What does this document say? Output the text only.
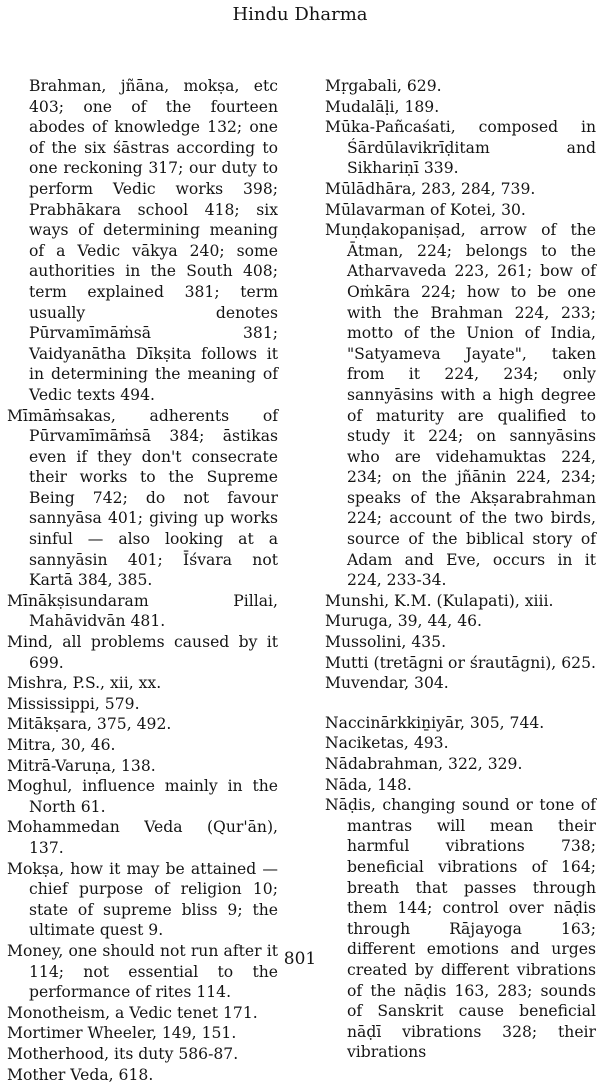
Hindu Dharma

Brahman, jñāna, mokṣa, etc 403; one of the fourteen abodes of knowledge 132; one of the six śāstras according to one reckoning 317; our duty to perform Vedic works 398; Prabhākara school 418; six ways of determining meaning of a Vedic vākya 240; some authorities in the South 408; term explained 381; term usually denotes Pūrvamīmāṁsā 381; Vaidyanātha Dīkṣita follows it in determining the meaning of Vedic texts 494.

Mīmāṁsakas, adherents of Pūrvamīmāṁsā 384; āstikas even if they don't consecrate their works to the Supreme Being 742; do not favour sannyāsa 401; giving up works sinful — also looking at a sannyāsin 401; Īśvara not Kartā 384, 385.

Mīnākṣisundaram Pillai, Mahāvidvān 481.

Mind, all problems caused by it 699.

Mishra, P.S., xii, xx.

Mississippi, 579.

Mitākṣara, 375, 492.

Mitra, 30, 46.

Mitrā-Varuṇa, 138.

Moghul, influence mainly in the North 61.

Mohammedan Veda (Qur'ān), 137.

Mokṣa, how it may be attained — chief purpose of religion 10; state of supreme bliss 9; the ultimate quest 9.

Money, one should not run after it 114; not essential to the performance of rites 114.

Monotheism, a Vedic tenet 171.

Mortimer Wheeler, 149, 151.

Motherhood, its duty 586-87.

Mother Veda, 618.

Mṛgabali, 629.

Mudalāḷi, 189.

Mūka-Pañcaśati, composed in Śārdūlavikrīḍitam and Sikhariṇī 339.

Mūlādhāra, 283, 284, 739.

Mūlavarman of Kotei, 30.

Muṇḍakopaniṣad, arrow of the Ātman, 224; belongs to the Atharvaveda 223, 261; bow of Oṁkāra 224; how to be one with the Brahman 224, 233; motto of the Union of India, "Satyameva Jayate", taken from it 224, 234; only sannyāsins with a high degree of maturity are qualified to study it 224; on sannyāsins who are videhamuktas 224, 234; on the jñānin 224, 234; speaks of the Akṣarabrahman 224; account of the two birds, source of the biblical story of Adam and Eve, occurs in it 224, 233-34.

Munshi, K.M. (Kulapati), xiii.

Muruga, 39, 44, 46.

Mussolini, 435.

Mutti (tretāgni or śrautāgni), 625.

Muvendar, 304.

Naccinārkkiṉiyār, 305, 744.

Naciketas, 493.

Nādabrahman, 322, 329.

Nāda, 148.

Nāḍis, changing sound or tone of mantras will mean their harmful vibrations 738; beneficial vibrations of 164; breath that passes through them 144; control over nāḍis through Rājayoga 163; different emotions and urges created by different vibrations of the nāḍis 163, 283; sounds of Sanskrit cause beneficial nāḍī vibrations 328; their vibrations

801
